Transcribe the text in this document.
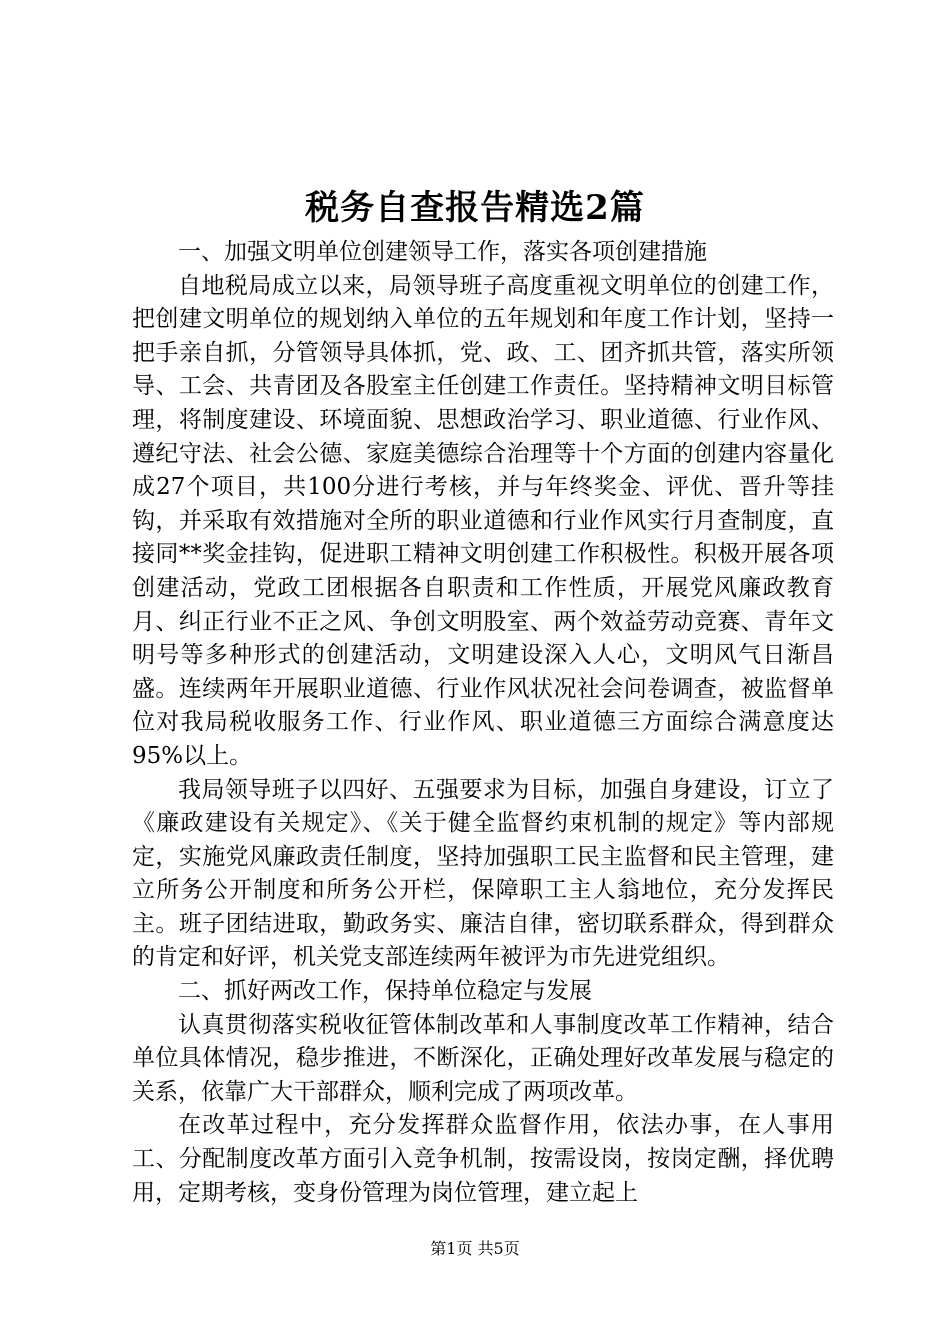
税务自查报告精选2篇

一、加强文明单位创建领导工作，落实各项创建措施

自地税局成立以来，局领导班子高度重视文明单位的创建工作，把创建文明单位的规划纳入单位的五年规划和年度工作计划，坚持一把手亲自抓，分管领导具体抓，党、政、工、团齐抓共管，落实所领导、工会、共青团及各股室主任创建工作责任。坚持精神文明目标管理，将制度建设、环境面貌、思想政治学习、职业道德、行业作风、遵纪守法、社会公德、家庭美德综合治理等十个方面的创建内容量化成27个项目，共100分进行考核，并与年终奖金、评优、晋升等挂钩，并采取有效措施对全所的职业道德和行业作风实行月查制度，直接同**奖金挂钩，促进职工精神文明创建工作积极性。积极开展各项创建活动，党政工团根据各自职责和工作性质，开展党风廉政教育月、纠正行业不正之风、争创文明股室、两个效益劳动竞赛、青年文明号等多种形式的创建活动，文明建设深入人心，文明风气日渐昌盛。连续两年开展职业道德、行业作风状况社会问卷调查，被监督单位对我局税收服务工作、行业作风、职业道德三方面综合满意度达95%以上。

我局领导班子以四好、五强要求为目标，加强自身建设，订立了《廉政建设有关规定》、《关于健全监督约束机制的规定》等内部规定，实施党风廉政责任制度，坚持加强职工民主监督和民主管理，建立所务公开制度和所务公开栏，保障职工主人翁地位，充分发挥民主。班子团结进取，勤政务实、廉洁自律，密切联系群众，得到群众的肯定和好评，机关党支部连续两年被评为市先进党组织。

二、抓好两改工作，保持单位稳定与发展

认真贯彻落实税收征管体制改革和人事制度改革工作精神，结合单位具体情况，稳步推进，不断深化，正确处理好改革发展与稳定的关系，依靠广大干部群众，顺利完成了两项改革。

在改革过程中，充分发挥群众监督作用，依法办事，在人事用工、分配制度改革方面引入竞争机制，按需设岗，按岗定酬，择优聘用，定期考核，变身份管理为岗位管理，建立起上

第1页 共5页
